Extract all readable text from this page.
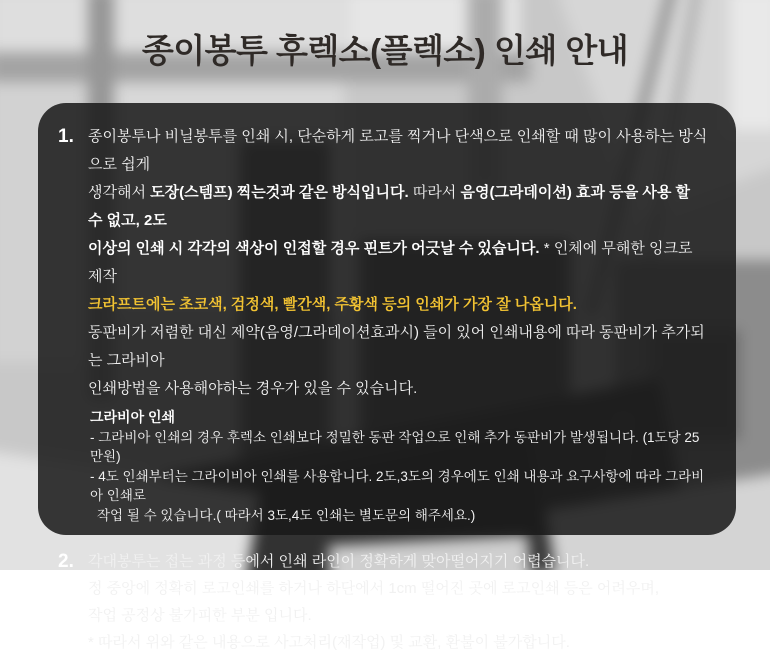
종이봉투 후렉소(플렉소) 인쇄 안내
1. 종이봉투나 비닐봉투를 인쇄 시, 단순하게 로고를 찍거나 단색으로 인쇄할 때 많이 사용하는 방식으로 쉽게

생각해서 도장(스템프) 찍는것과 같은 방식입니다. 따라서 음영(그라데이션) 효과 등을 사용 할 수 없고, 2도

이상의 인쇄 시 각각의 색상이 인접할 경우 핀트가 어긋날 수 있습니다. * 인체에 무해한 잉크로 제작

크라프트에는 초코색, 검정색, 빨간색, 주황색 등의 인쇄가 가장 잘 나옵니다.

동판비가 저렴한 대신 제약(음영/그라데이션효과시) 들이 있어 인쇄내용에 따라 동판비가 추가되는 그라비아

인쇄방법을 사용해야하는 경우가 있을 수 있습니다.

그라비아 인쇄

- 그라비아 인쇄의 경우 후렉소 인쇄보다 정밀한 동판 작업으로 인해 추가 동판비가 발생됩니다. (1도당 25만원)

- 4도 인쇄부터는 그라이비아 인쇄를 사용합니다. 2도,3도의 경우에도 인쇄 내용과 요구사항에 따라 그라비아 인쇄로

작업 될 수 있습니다.( 따라서 3도,4도 인쇄는 별도문의 해주세요.)

2. 각대봉투는 접는 과정 등에서 인쇄 라인이 정확하게 맞아떨어지기 어렵습니다.

정 중앙에 정확히 로고인쇄를 하거나 하단에서 1cm 떨어진 곳에 로고인쇄 등은 어려우며,

작업 공정상 불가피한 부분 입니다.

* 따라서 위와 같은 내용으로 사고처리(재작업) 및 교환, 환불이 불가합니다.
